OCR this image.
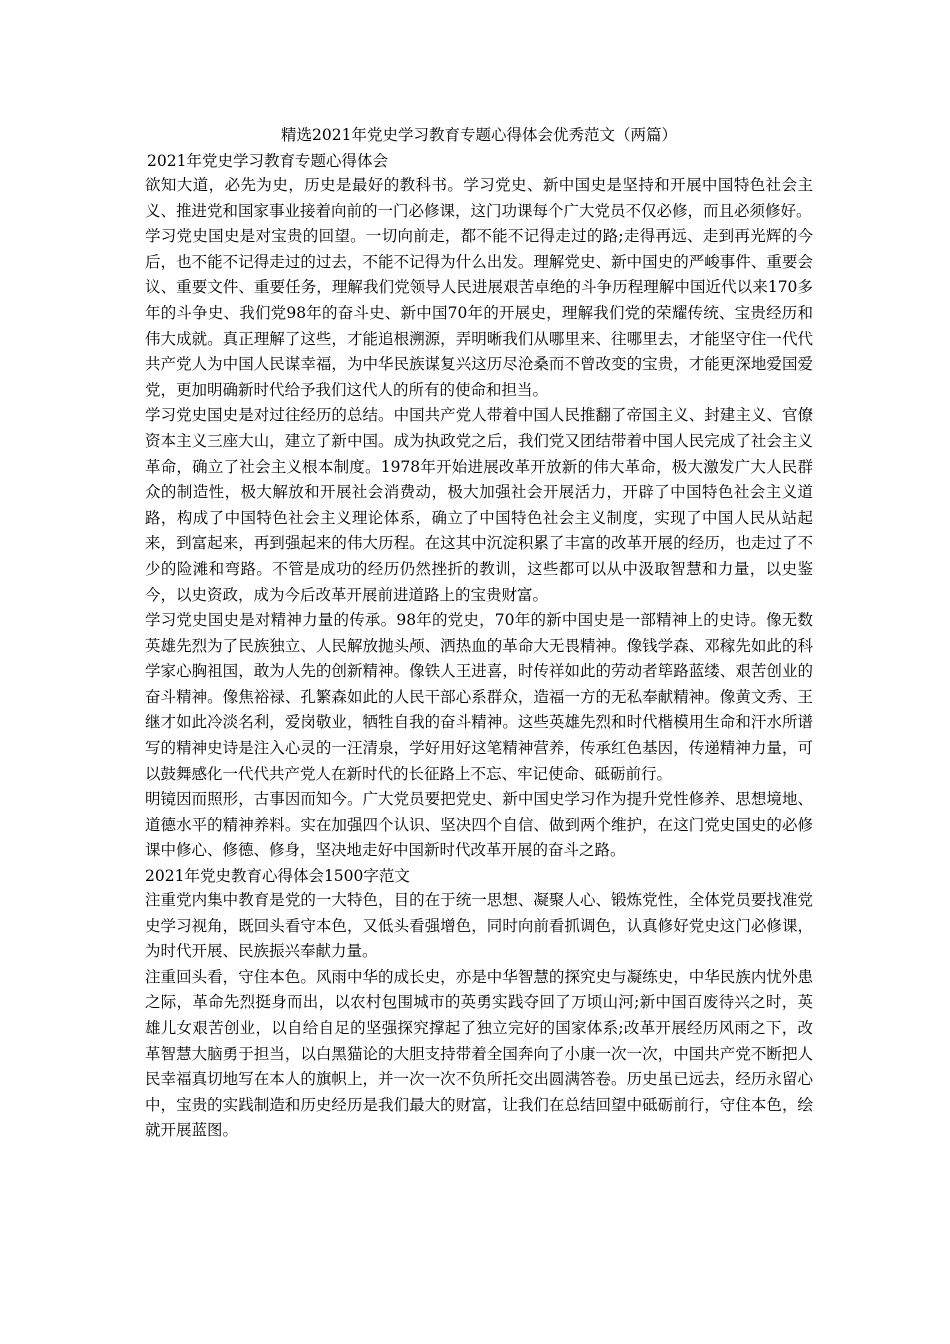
精选2021年党史学习教育专题心得体会优秀范文（两篇）
2021年党史学习教育专题心得体会

欲知大道，必先为史，历史是最好的教科书。学习党史、新中国史是坚持和开展中国特色社会主义、推进党和国家事业接着向前的一门必修课，这门功课每个广大党员不仅必修，而且必须修好。

学习党史国史是对宝贵的回望。一切向前走，都不能不记得走过的路;走得再远、走到再光辉的今后，也不能不记得走过的过去，不能不记得为什么出发。理解党史、新中国史的严峻事件、重要会议、重要文件、重要任务，理解我们党领导人民进展艰苦卓绝的斗争历程理解中国近代以来170多年的斗争史、我们党98年的奋斗史、新中国70年的开展史，理解我们党的荣耀传统、宝贵经历和伟大成就。真正理解了这些，才能追根溯源，弄明晰我们从哪里来、往哪里去，才能坚守住一代代共产党人为中国人民谋幸福，为中华民族谋复兴这历尽沧桑而不曾改变的宝贵，才能更深地爱国爱党，更加明确新时代给予我们这代人的所有的使命和担当。

学习党史国史是对过往经历的总结。中国共产党人带着中国人民推翻了帝国主义、封建主义、官僚资本主义三座大山，建立了新中国。成为执政党之后，我们党又团结带着中国人民完成了社会主义革命，确立了社会主义根本制度。1978年开始进展改革开放新的伟大革命，极大激发广大人民群众的制造性，极大解放和开展社会消费动，极大加强社会开展活力，开辟了中国特色社会主义道路，构成了中国特色社会主义理论体系，确立了中国特色社会主义制度，实现了中国人民从站起来，到富起来，再到强起来的伟大历程。在这其中沉淀积累了丰富的改革开展的经历，也走过了不少的险滩和弯路。不管是成功的经历仍然挫折的教训，这些都可以从中汲取智慧和力量，以史鉴今，以史资政，成为今后改革开展前进道路上的宝贵财富。

学习党史国史是对精神力量的传承。98年的党史，70年的新中国史是一部精神上的史诗。像无数英雄先烈为了民族独立、人民解放抛头颅、洒热血的革命大无畏精神。像钱学森、邓稼先如此的科学家心胸祖国，敢为人先的创新精神。像铁人王进喜，时传祥如此的劳动者筚路蓝缕、艰苦创业的奋斗精神。像焦裕禄、孔繁森如此的人民干部心系群众，造福一方的无私奉献精神。像黄文秀、王继才如此冷淡名利，爱岗敬业，牺牲自我的奋斗精神。这些英雄先烈和时代楷模用生命和汗水所谱写的精神史诗是注入心灵的一汪清泉，学好用好这笔精神营养，传承红色基因，传递精神力量，可以鼓舞感化一代代共产党人在新时代的长征路上不忘、牢记使命、砥砺前行。

明镜因而照形，古事因而知今。广大党员要把党史、新中国史学习作为提升党性修养、思想境地、道德水平的精神养料。实在加强四个认识、坚决四个自信、做到两个维护，在这门党史国史的必修课中修心、修德、修身，坚决地走好中国新时代改革开展的奋斗之路。

2021年党史教育心得体会1500字范文

注重党内集中教育是党的一大特色，目的在于统一思想、凝聚人心、锻炼党性，全体党员要找准党史学习视角，既回头看守本色，又低头看强增色，同时向前看抓调色，认真修好党史这门必修课，为时代开展、民族振兴奉献力量。

注重回头看，守住本色。风雨中华的成长史，亦是中华智慧的探究史与凝练史，中华民族内忧外患之际，革命先烈挺身而出，以农村包围城市的英勇实践夺回了万顷山河;新中国百废待兴之时，英雄儿女艰苦创业，以自给自足的坚强探究撑起了独立完好的国家体系;改革开展经历风雨之下，改革智慧大脑勇于担当，以白黑猫论的大胆支持带着全国奔向了小康一次一次，中国共产党不断把人民幸福真切地写在本人的旗帜上，并一次一次不负所托交出圆满答卷。历史虽已远去，经历永留心中，宝贵的实践制造和历史经历是我们最大的财富，让我们在总结回望中砥砺前行，守住本色，绘就开展蓝图。
